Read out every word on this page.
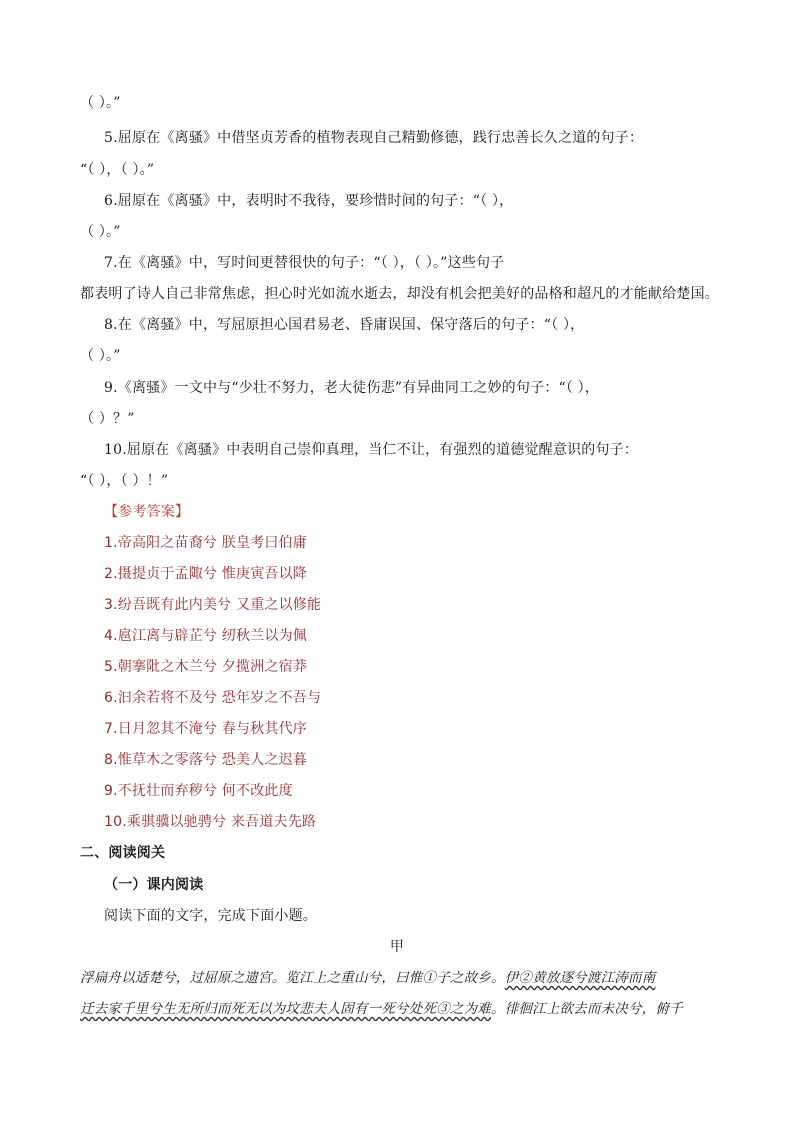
（ ）。”
5.屈原在《离骚》中借坚贞芳香的植物表现自己精勤修德，践行忠善长久之道的句子：
“（ ），（ ）。”
6.屈原在《离骚》中，表明时不我待，要珍惜时间的句子：“（ ），
（ ）。”
7.在《离骚》中，写时间更替很快的句子：“（ ），（ ）。”这些句子
都表明了诗人自己非常焦虑，担心时光如流水逝去，却没有机会把美好的品格和超凡的才能献给楚国。
8.在《离骚》中，写屈原担心国君易老、昏庸误国、保守落后的句子：“（ ），
（ ）。”
9.《离骚》一文中与“少壮不努力，老大徒伤悲”有异曲同工之妙的句子：“（ ），
（ ）？”
10.屈原在《离骚》中表明自己崇仰真理，当仁不让，有强烈的道德觉醒意识的句子：
“（ ），（ ）！”
【参考答案】
1.帝高阳之苗裔兮 朕皇考曰伯庸
2.摄提贞于孟陬兮 惟庚寅吾以降
3.纷吾既有此内美兮 又重之以修能
4.扈江离与辟芷兮 纫秋兰以为佩
5.朝搴阰之木兰兮 夕揽洲之宿莽
6.汩余若将不及兮 恐年岁之不吾与
7.日月忽其不淹兮 春与秋其代序
8.惟草木之零落兮 恐美人之迟暮
9.不抚壮而弃秽兮 何不改此度
10.乘骐骥以驰骋兮 来吾道夫先路
二、阅读阅关
（一）课内阅读
阅读下面的文字，完成下面小题。
甲
浮扁舟以适楚兮，过屈原之遗宫。览江上之重山兮，曰惟①子之故乡。伊②黄放逐兮渡江涛而南
迁去家千里兮生无所归而死无以为坟悲夫人固有一死兮处死③之为难。徘徊江上欲去而未决兮，俯千
